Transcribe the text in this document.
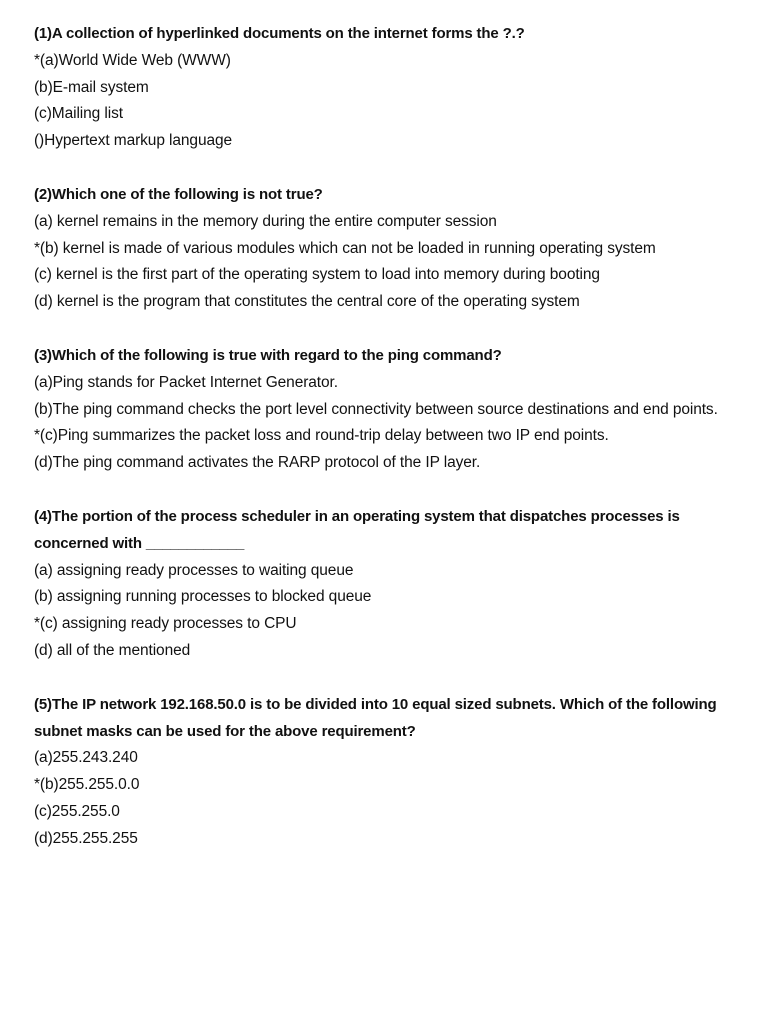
(1)A collection of hyperlinked documents on the internet forms the ?.?

*(a)World Wide Web (WWW)
(b)E-mail system
(c)Mailing list
()Hypertext markup language

(2)Which one of the following is not true?

(a) kernel remains in the memory during the entire computer session
*(b) kernel is made of various modules which can not be loaded in running operating system
(c) kernel is the first part of the operating system to load into memory during booting
(d) kernel is the program that constitutes the central core of the operating system

(3)Which of the following is true with regard to the ping command?

(a)Ping stands for Packet Internet Generator.
(b)The ping command checks the port level connectivity between source destinations and end points.
*(c)Ping summarizes the packet loss and round-trip delay between two IP end points.
(d)The ping command activates the RARP protocol of the IP layer.

(4)The portion of the process scheduler in an operating system that dispatches processes is concerned with ____________

(a) assigning ready processes to waiting queue
(b) assigning running processes to blocked queue
*(c) assigning ready processes to CPU
(d) all of the mentioned

(5)The IP network 192.168.50.0 is to be divided into 10 equal sized subnets. Which of the following subnet masks can be used for the above requirement?

(a)255.243.240
*(b)255.255.0.0
(c)255.255.0
(d)255.255.255
